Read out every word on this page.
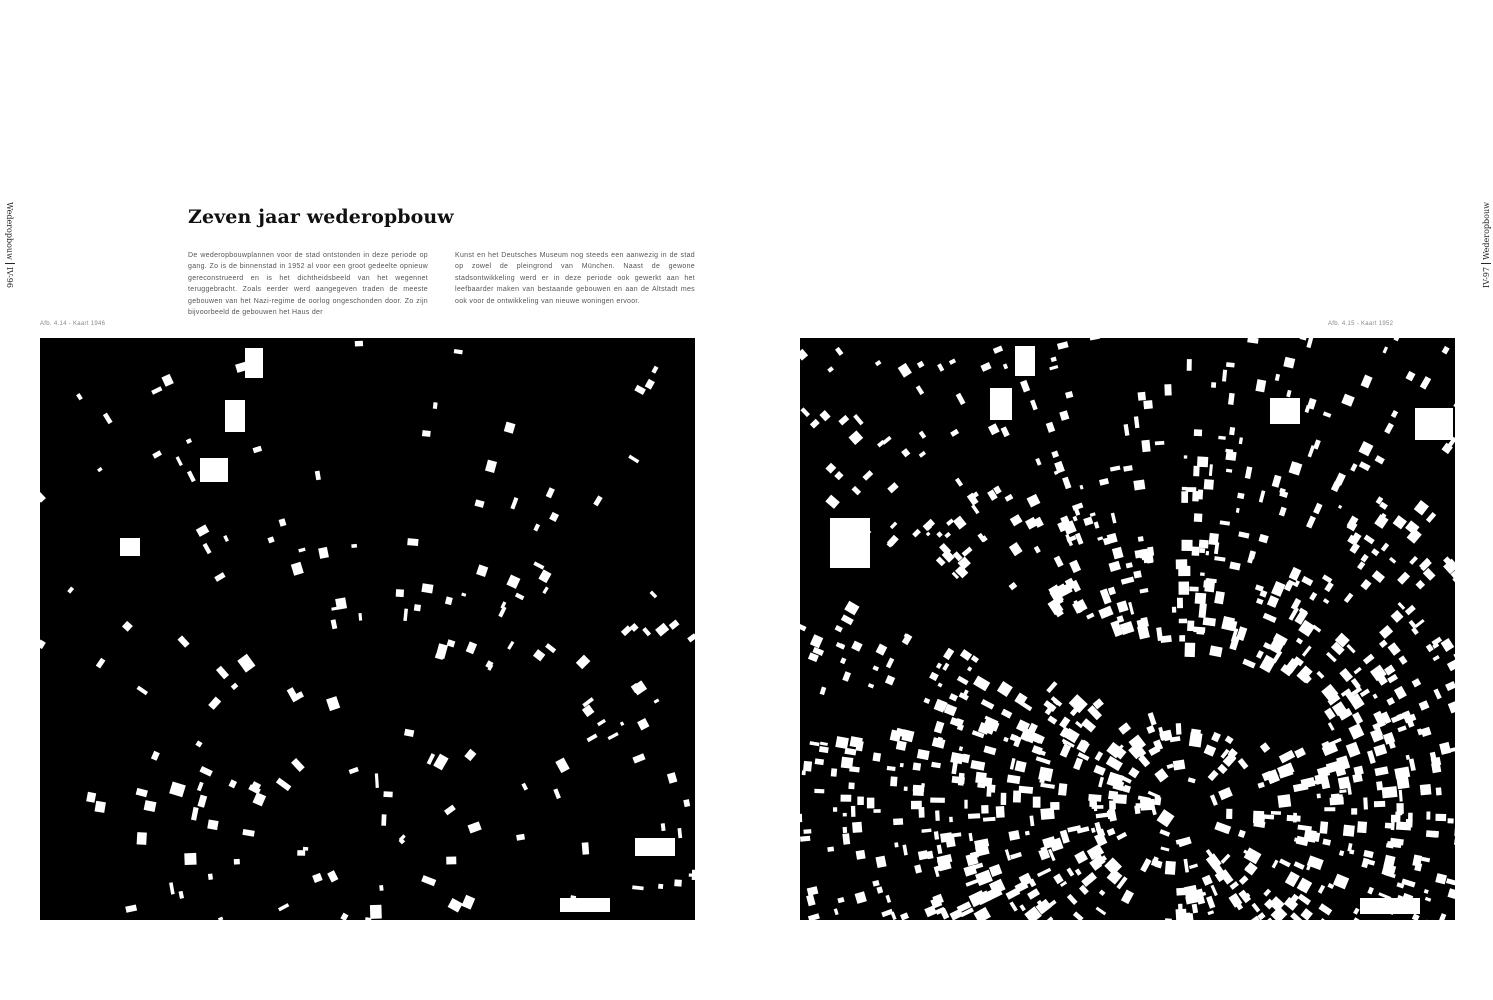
Wederopbouw
IV-96	IV-97
Wederopbouw
Zeven jaar wederopbouw

De wederopbouwplannen voor de stad ontstonden in deze periode op gang. Zo is de binnenstad in 1952 al voor een groot gedeelte opnieuw gereconstrueerd en is het dichtheidsbeeld van het wegennet teruggebracht. Zoals eerder werd aangegeven traden de meeste gebouwen van het Nazi-regime de oorlog ongeschonden door. Zo zijn bijvoorbeeld de gebouwen het Haus der

Kunst en het Deutsches Museum nog steeds een aanwezig in de stad op zowel de pleingrond van München. Naast de gewone stadsontwikkeling werd er in deze periode ook gewerkt aan het leefbaarder maken van bestaande gebouwen en aan de Altstadt mes ook voor de ontwikkeling van nieuwe woningen ervoor.

Afb. 4.14 - Kaart 1946	Afb. 4.15 - Kaart 1952
